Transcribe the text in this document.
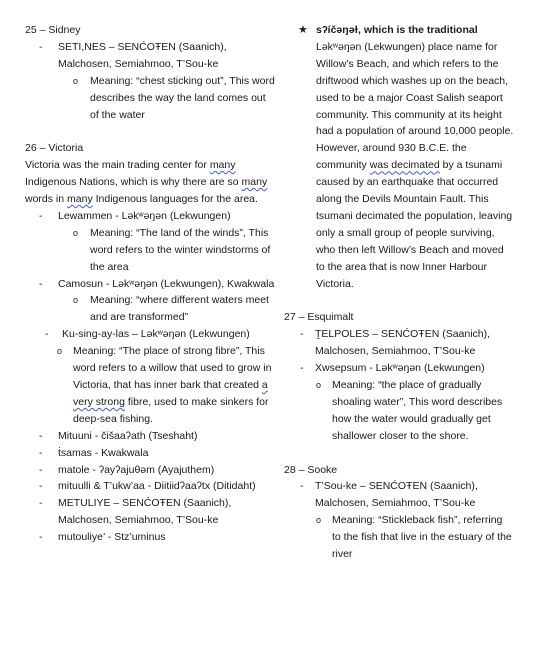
25 – Sidney

- SETI,NES – SENĆOŦEN (Saanich), Malchosen, Semiahmoo, T’Sou-ke

o Meaning: “chest sticking out”, This word describes the way the land comes out of the water

26 – Victoria

Victoria was the main trading center for many Indigenous Nations, which is why there are so many words in many Indigenous languages for the area.

- Lewammen - Ləkʷəŋən (Lekwungen)

o Meaning: “The land of the winds”, This word refers to the winter windstorms of the area

- Camosun - Ləkʷəŋən (Lekwungen), Kwakwala

o Meaning: “where different waters meet and are transformed”

- Ku-sing-ay-las – Ləkʷəŋən (Lekwungen)

o Meaning: “The place of strong fibre”, This word refers to a willow that used to grow in Victoria, that has inner bark that created a very strong fibre, used to make sinkers for deep-sea fishing.

- Mituuni - čišaaʔath (Tseshaht)

- ṫsamas - Kwakwala

- matole - ʔayʔajuθəm (Ayajuthem)

- mituulli & T’ukw’aa - Diitiidʔaaʔtx (Ditidaht)

- METULIYE – SENĆOŦEN (Saanich), Malchosen, Semiahmoo, T’Sou-ke

- mutouliye’ - Stz’uminus

★ sʔíčəŋəɫ, which is the traditional
Ləkʷəŋən (Lekwungen) place name for Willow’s Beach, and which refers to the driftwood which washes up on the beach, used to be a major Coast Salish seaport community. This community at its height had a population of around 10,000 people. However, around 930 B.C.E. the community was decimated by a tsunami caused by an earthquake that occurred along the Devils Mountain Fault. This tsumani decimated the population, leaving only a small group of people surviving, who then left Willow’s Beach and moved to the area that is now Inner Harbour Victoria.

27 – Esquimalt

- ṮELPOLES – SENĆOŦEN (Saanich), Malchosen, Semiahmoo, T’Sou-ke

- Xwsepsum - Ləkʷəŋən (Lekwungen)

o Meaning: “the place of gradually shoaling water”, This word describes how the water would gradually get shallower closer to the shore.

28 – Sooke

- T’Sou-ke – SENĆOŦEN (Saanich), Malchosen, Semiahmoo, T’Sou-ke

o Meaning: “Stickleback fish”, referring to the fish that live in the estuary of the river
